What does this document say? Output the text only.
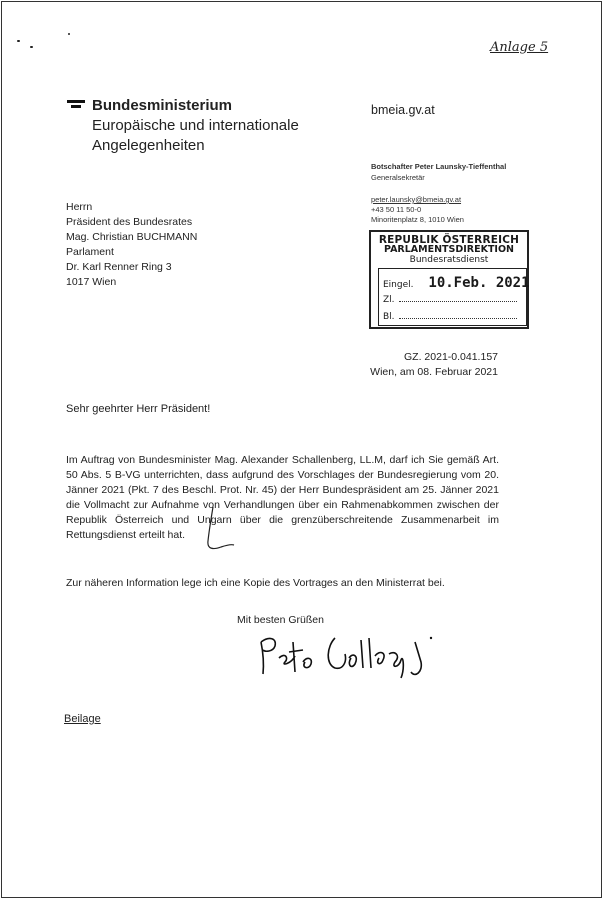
Anlage 5
Bundesministerium
Europäische und internationale
Angelegenheiten
bmeia.gv.at
Botschafter Peter Launsky-Tieffenthal
Generalsekretär
peter.launsky@bmeia.gv.at
+43 50 11 50-0
Minoritenplatz 8, 1010 Wien
Herrn
Präsident des Bundesrates
Mag. Christian BUCHMANN
Parlament
Dr. Karl Renner Ring 3
1017 Wien
REPUBLIK ÖSTERREICH
PARLAMENTSDIREKTION
Bundesratsdienst
Eingel. 10.Feb. 2021
Zl.
Bl.
GZ. 2021-0.041.157
Wien, am 08. Februar 2021
Sehr geehrter Herr Präsident!
Im Auftrag von Bundesminister Mag. Alexander Schallenberg, LL.M, darf ich Sie gemäß Art. 50 Abs. 5 B-VG unterrichten, dass aufgrund des Vorschlages der Bundesregierung vom 20. Jänner 2021 (Pkt. 7 des Beschl. Prot. Nr. 45) der Herr Bundespräsident am 25. Jänner 2021 die Vollmacht zur Aufnahme von Verhandlungen über ein Rahmenabkommen zwischen der Republik Österreich und Ungarn über die grenzüberschreitende Zusammenarbeit im Rettungsdienst erteilt hat.
Zur näheren Information lege ich eine Kopie des Vortrages an den Ministerrat bei.
Mit besten Grüßen
Beilage
